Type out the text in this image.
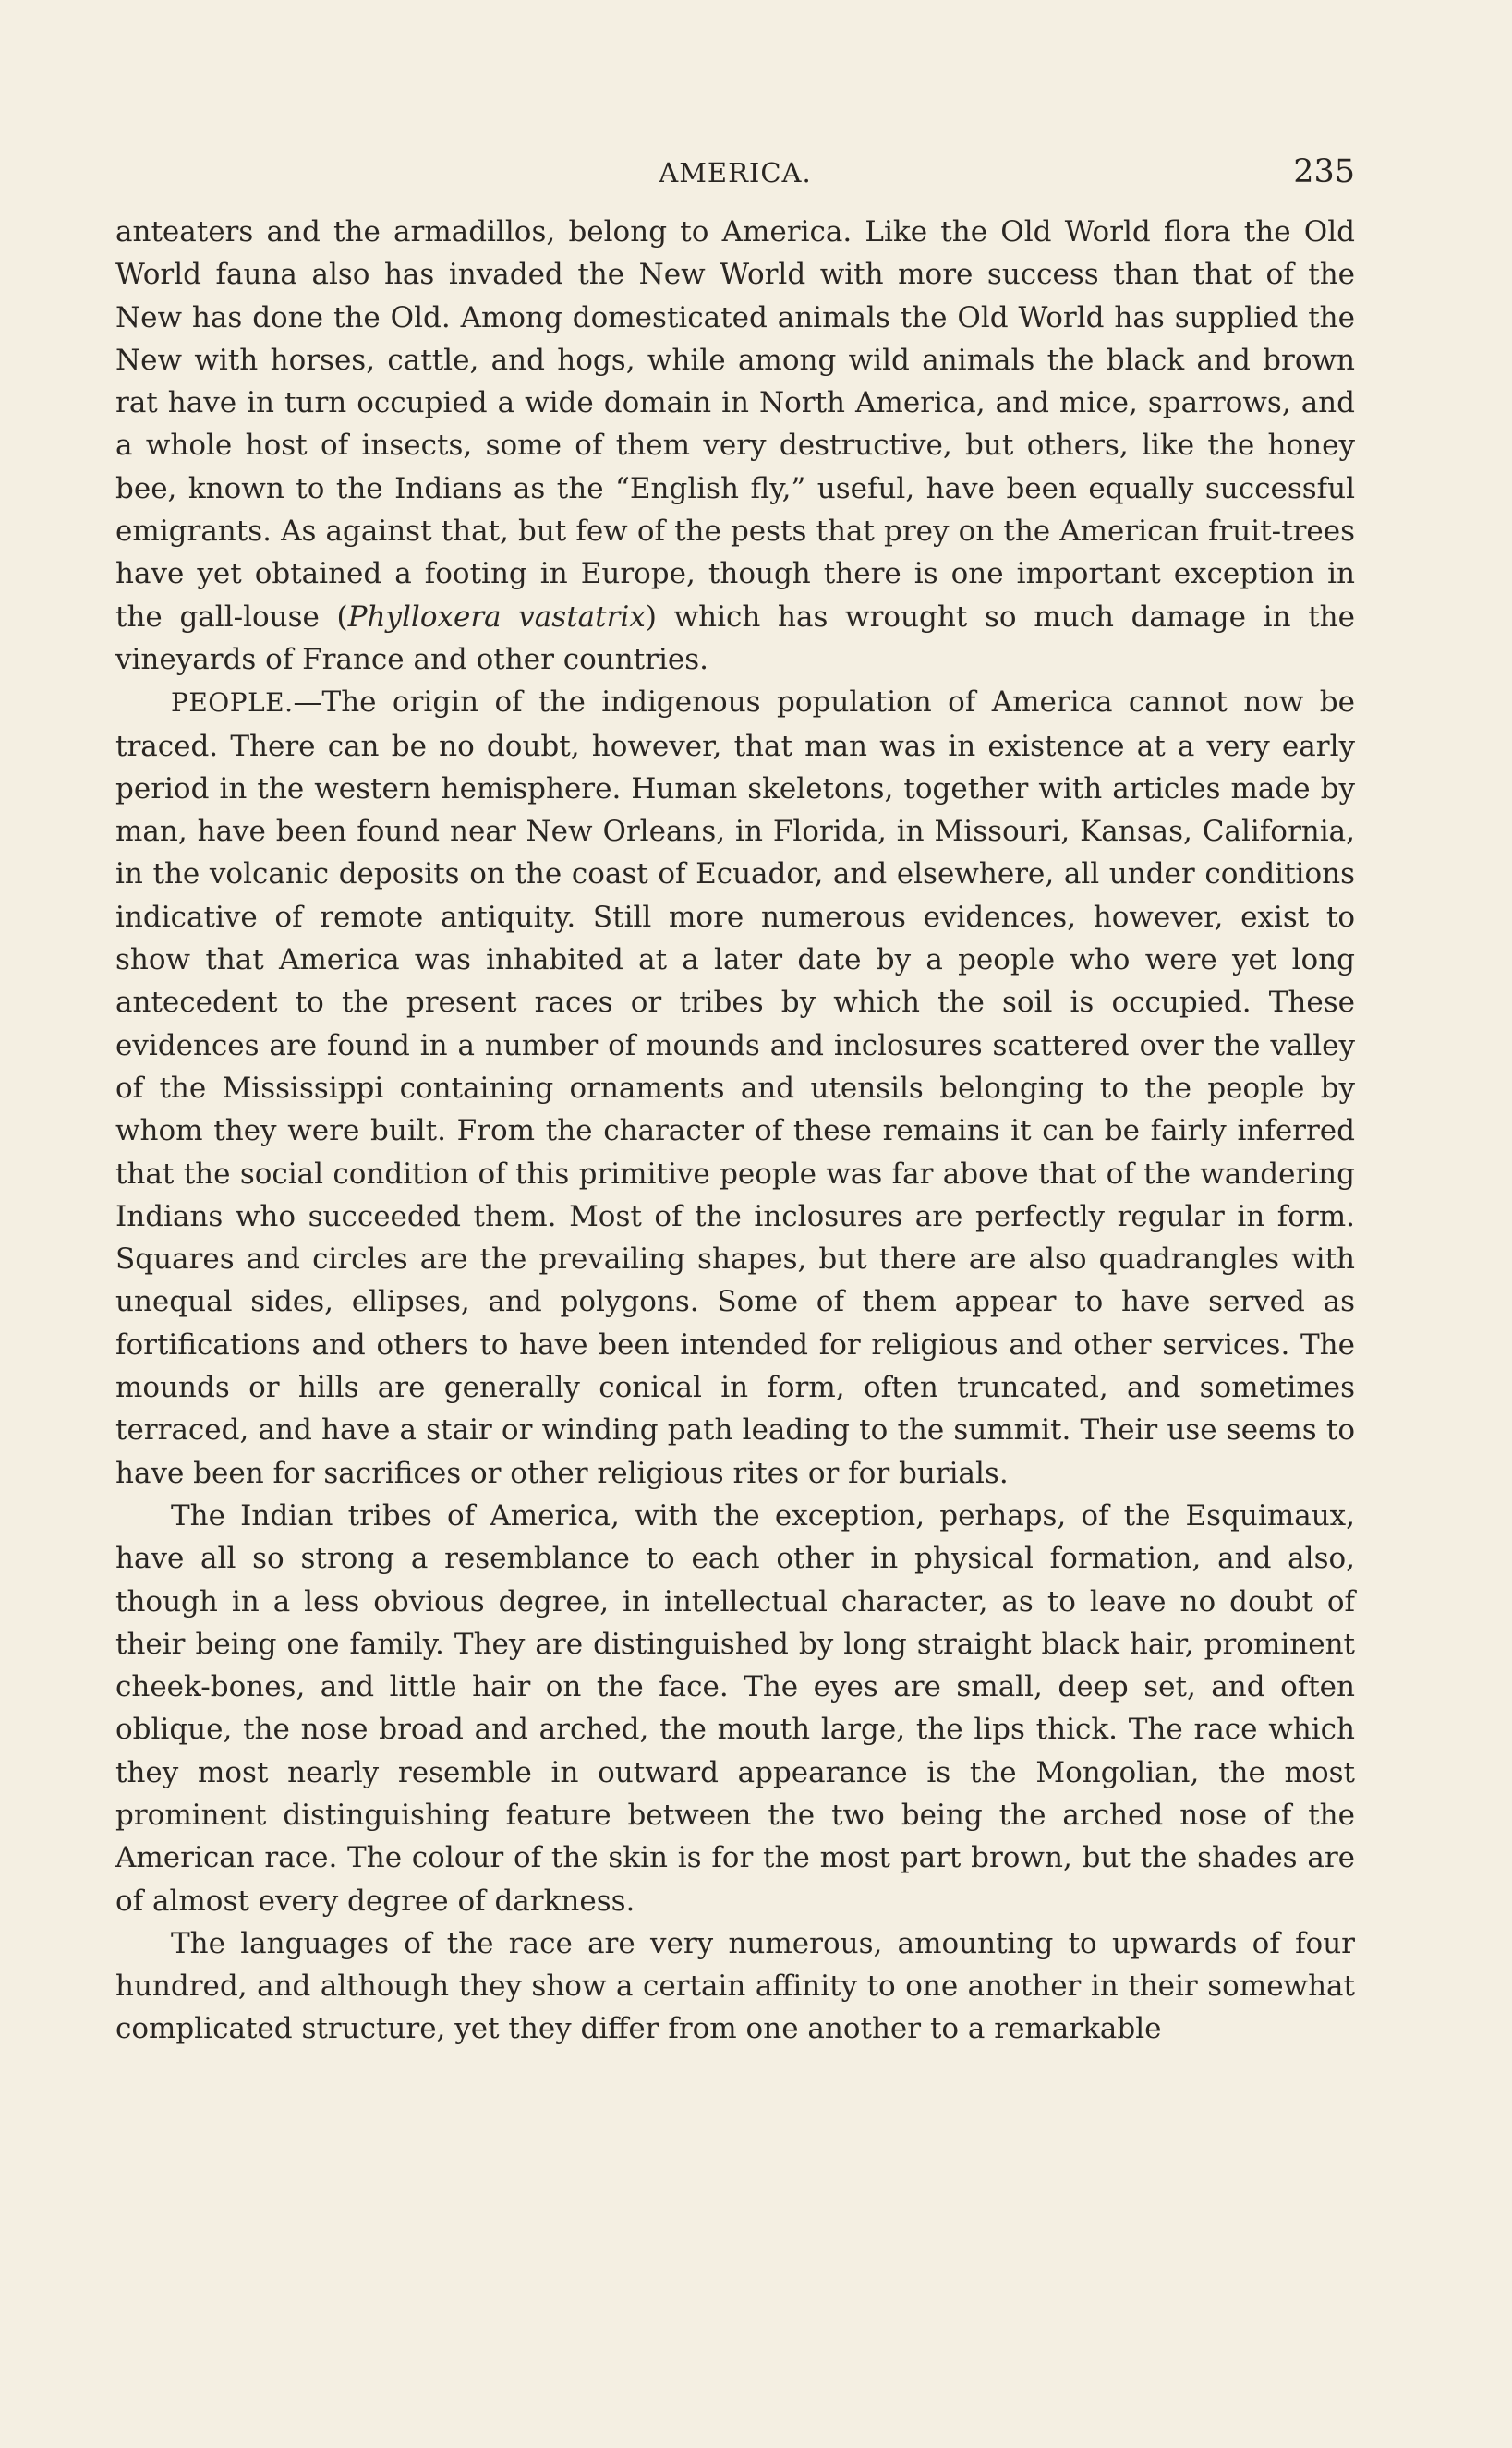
AMERICA.	235

anteaters and the armadillos, belong to America. Like the Old World flora the Old World fauna also has invaded the New World with more success than that of the New has done the Old. Among domesticated animals the Old World has supplied the New with horses, cattle, and hogs, while among wild animals the black and brown rat have in turn occupied a wide domain in North America, and mice, sparrows, and a whole host of insects, some of them very destructive, but others, like the honey bee, known to the Indians as the “English fly,” useful, have been equally successful emigrants. As against that, but few of the pests that prey on the American fruit-trees have yet obtained a footing in Europe, though there is one important exception in the gall-louse (Phylloxera vastatrix) which has wrought so much damage in the vineyards of France and other countries.

PEOPLE.—The origin of the indigenous population of America cannot now be traced. There can be no doubt, however, that man was in existence at a very early period in the western hemisphere. Human skeletons, together with articles made by man, have been found near New Orleans, in Florida, in Missouri, Kansas, California, in the volcanic deposits on the coast of Ecuador, and elsewhere, all under conditions indicative of remote antiquity. Still more numerous evidences, however, exist to show that America was inhabited at a later date by a people who were yet long antecedent to the present races or tribes by which the soil is occupied. These evidences are found in a number of mounds and inclosures scattered over the valley of the Mississippi containing ornaments and utensils belonging to the people by whom they were built. From the character of these remains it can be fairly inferred that the social condition of this primitive people was far above that of the wandering Indians who succeeded them. Most of the inclosures are perfectly regular in form. Squares and circles are the prevailing shapes, but there are also quadrangles with unequal sides, ellipses, and polygons. Some of them appear to have served as fortifications and others to have been intended for religious and other services. The mounds or hills are generally conical in form, often truncated, and sometimes terraced, and have a stair or winding path leading to the summit. Their use seems to have been for sacrifices or other religious rites or for burials.

The Indian tribes of America, with the exception, perhaps, of the Esquimaux, have all so strong a resemblance to each other in physical formation, and also, though in a less obvious degree, in intellectual character, as to leave no doubt of their being one family. They are distinguished by long straight black hair, prominent cheek-bones, and little hair on the face. The eyes are small, deep set, and often oblique, the nose broad and arched, the mouth large, the lips thick. The race which they most nearly resemble in outward appearance is the Mongolian, the most prominent distinguishing feature between the two being the arched nose of the American race. The colour of the skin is for the most part brown, but the shades are of almost every degree of darkness.

The languages of the race are very numerous, amounting to upwards of four hundred, and although they show a certain affinity to one another in their somewhat complicated structure, yet they differ from one another to a remarkable
